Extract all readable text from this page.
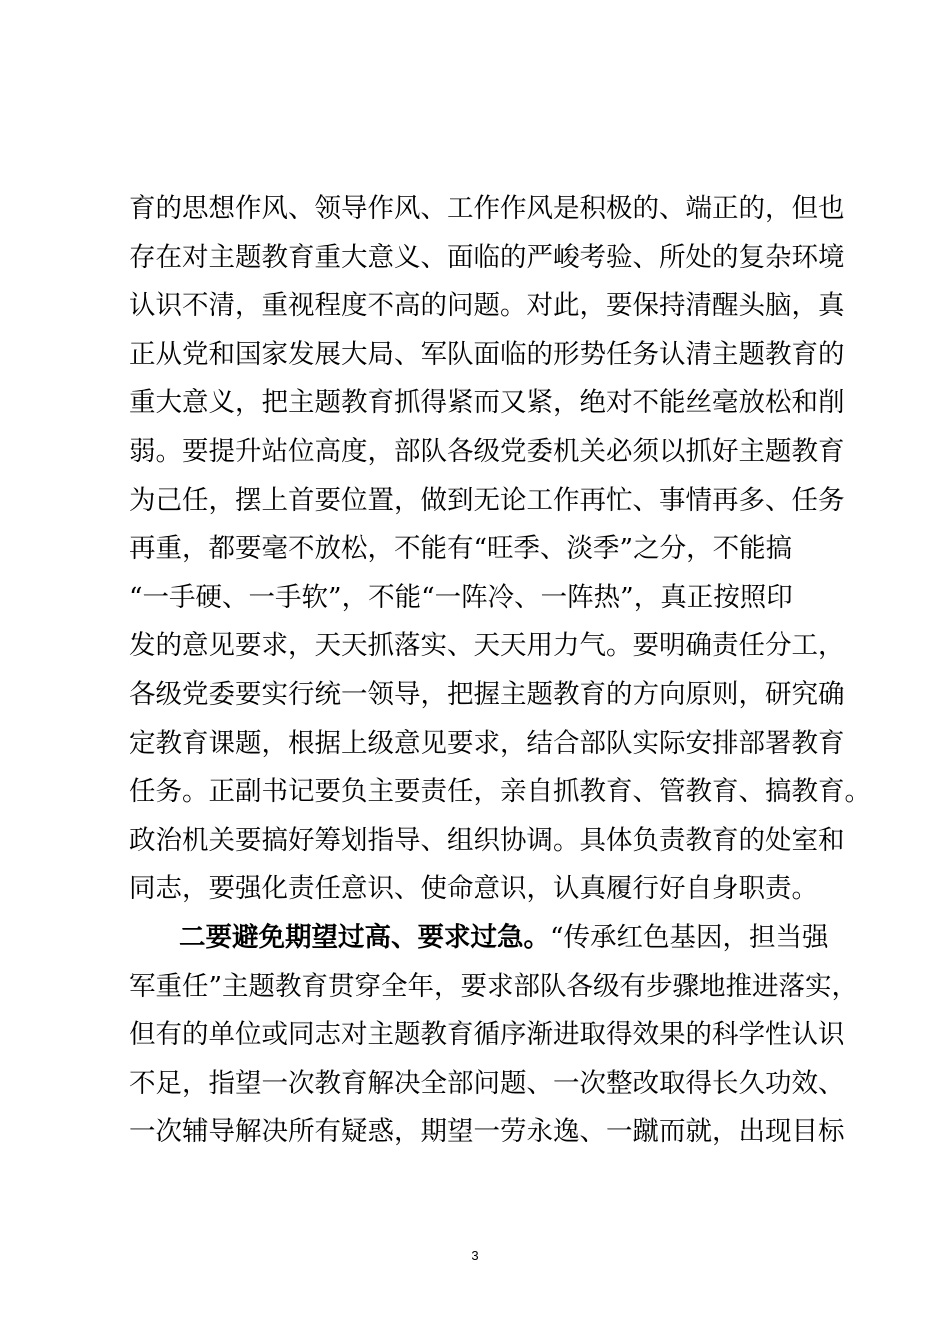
育的思想作风、领导作风、工作作风是积极的、端正的，但也
存在对主题教育重大意义、面临的严峻考验、所处的复杂环境
认识不清，重视程度不高的问题。对此，要保持清醒头脑，真
正从党和国家发展大局、军队面临的形势任务认清主题教育的
重大意义，把主题教育抓得紧而又紧，绝对不能丝毫放松和削
弱。要提升站位高度，部队各级党委机关必须以抓好主题教育
为己任，摆上首要位置，做到无论工作再忙、事情再多、任务
再重，都要毫不放松，不能有“旺季、淡季”之分，不能搞
“一手硬、一手软”，不能“一阵冷、一阵热”，真正按照印
发的意见要求，天天抓落实、天天用力气。要明确责任分工，
各级党委要实行统一领导，把握主题教育的方向原则，研究确
定教育课题，根据上级意见要求，结合部队实际安排部署教育
任务。正副书记要负主要责任，亲自抓教育、管教育、搞教育。
政治机关要搞好筹划指导、组织协调。具体负责教育的处室和
同志，要强化责任意识、使命意识，认真履行好自身职责。
二要避免期望过高、要求过急。“传承红色基因，担当强
军重任”主题教育贯穿全年，要求部队各级有步骤地推进落实，
但有的单位或同志对主题教育循序渐进取得效果的科学性认识
不足，指望一次教育解决全部问题、一次整改取得长久功效、
一次辅导解决所有疑惑，期望一劳永逸、一蹴而就，出现目标
3
